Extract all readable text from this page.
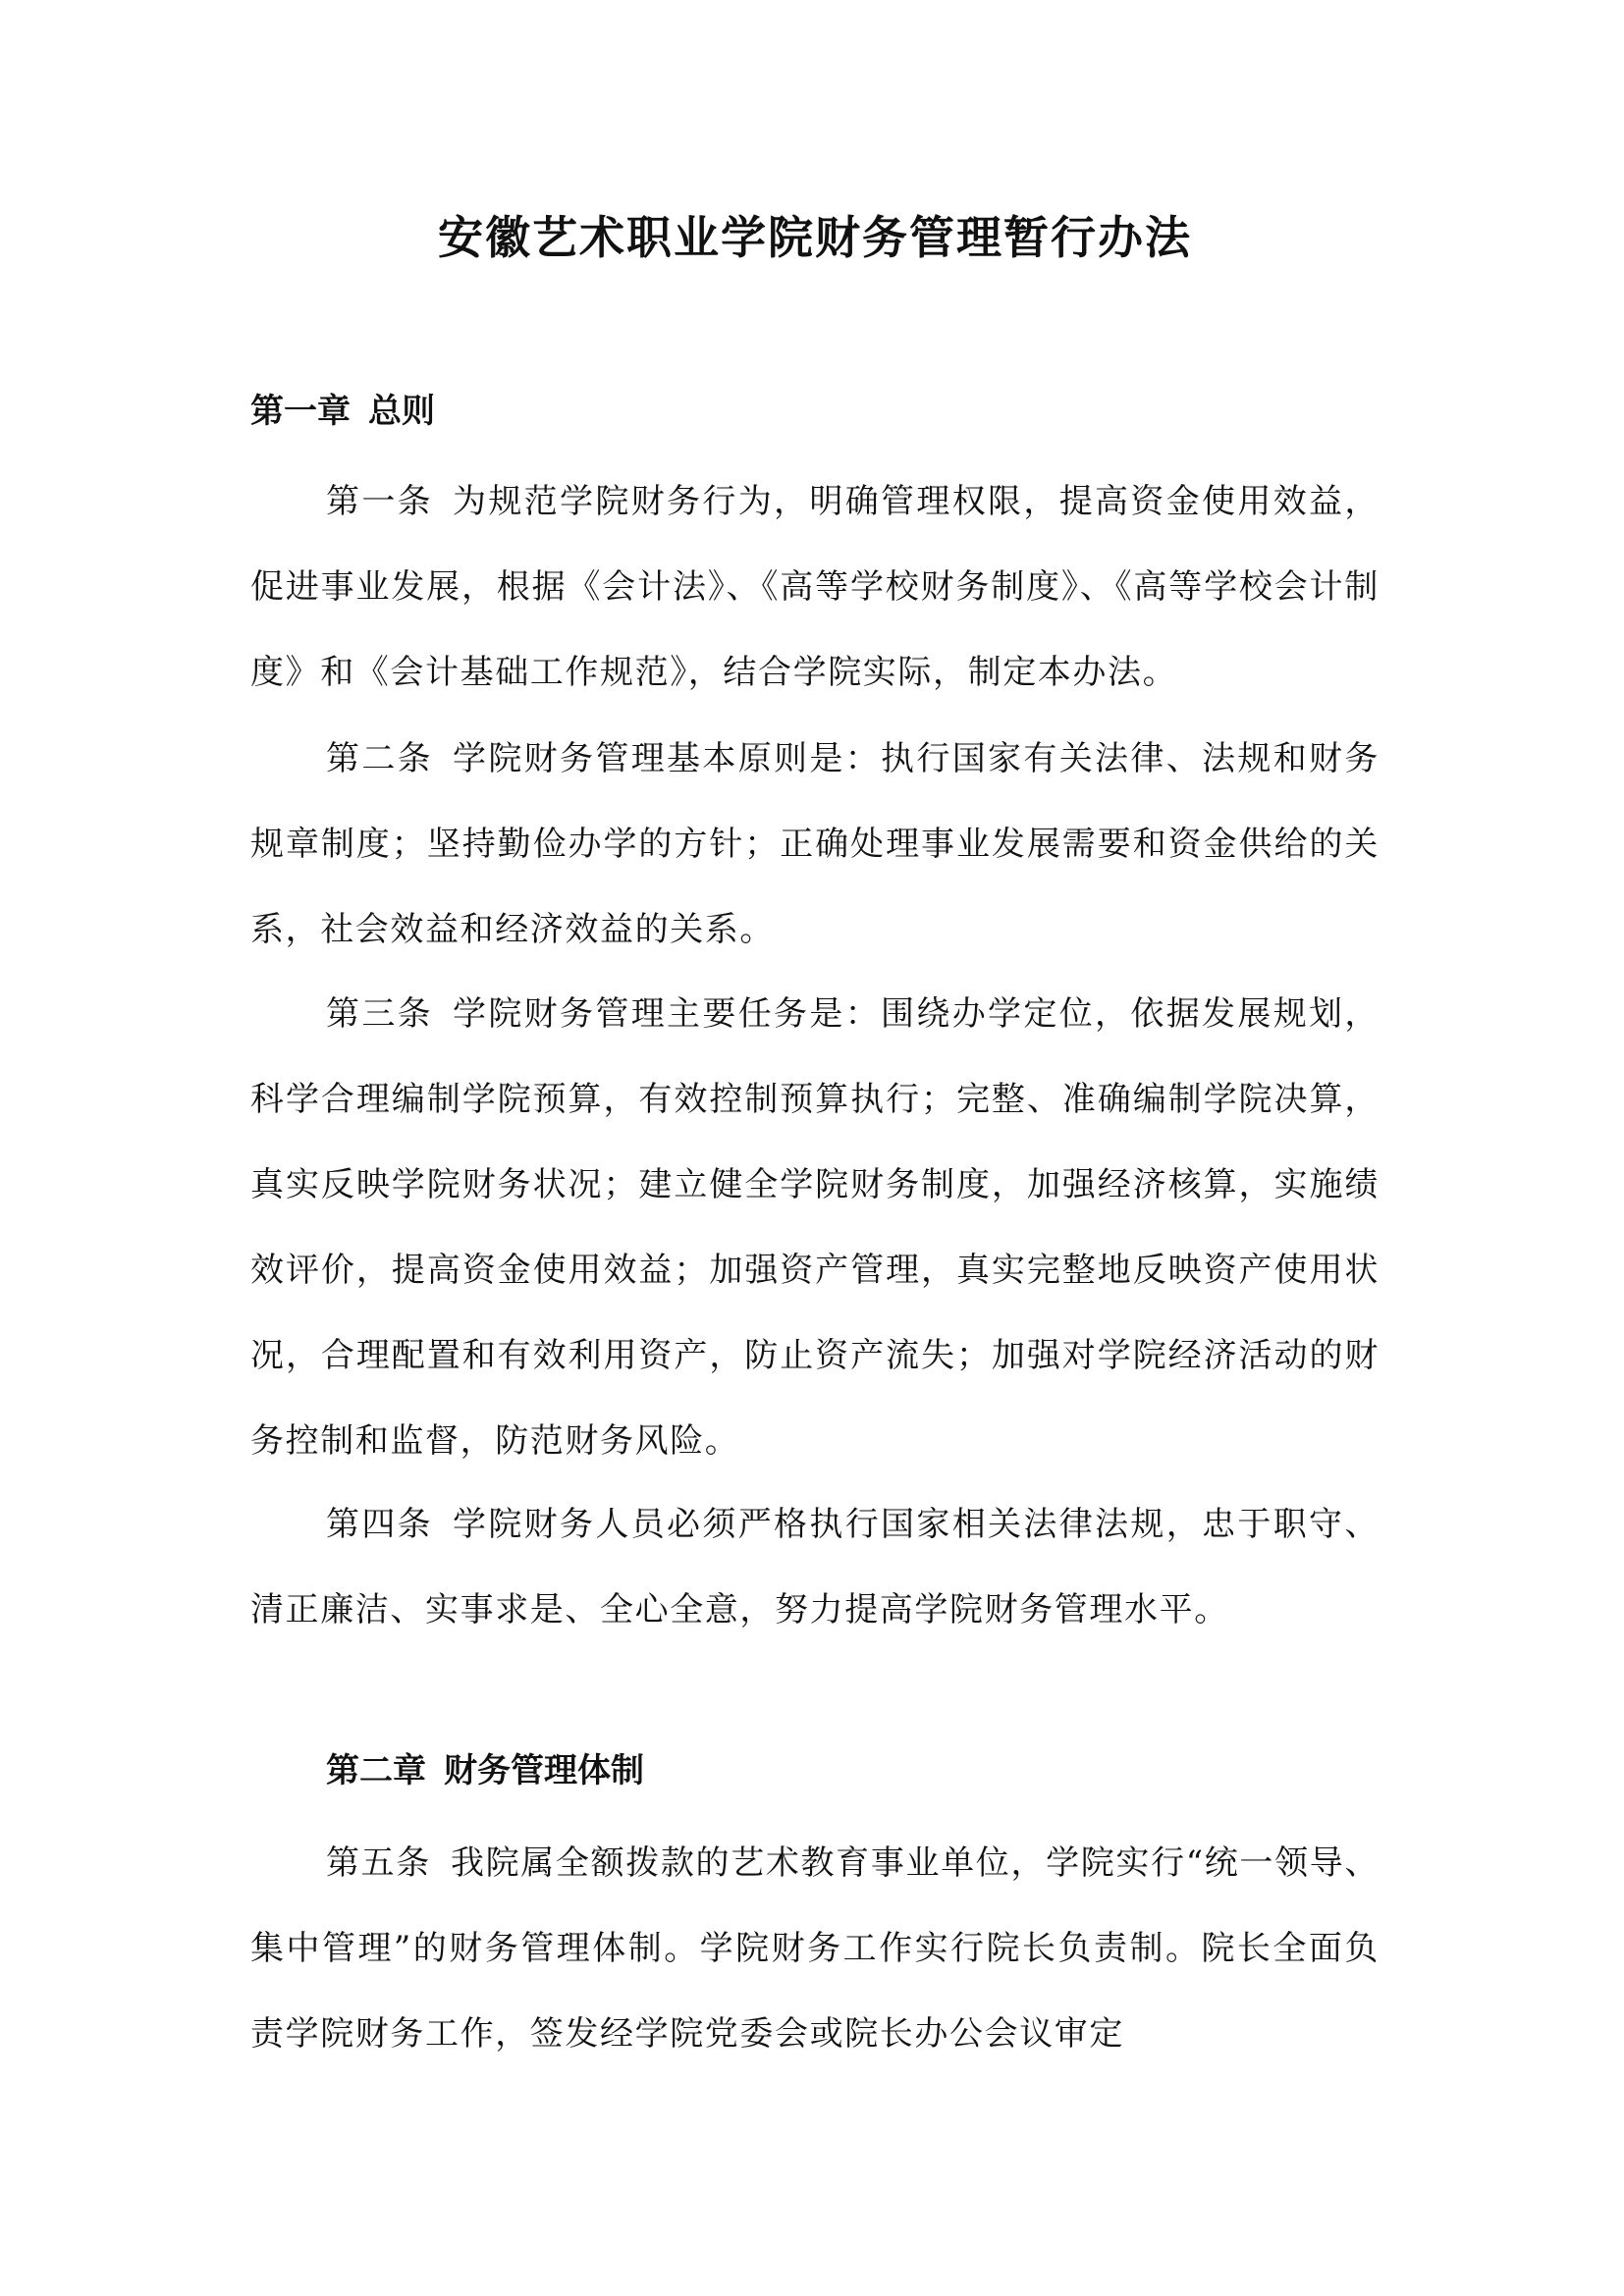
安徽艺术职业学院财务管理暂行办法
第一章 总则

第一条 为规范学院财务行为，明确管理权限，提高资金使用效益，促进事业发展，根据《会计法》、《高等学校财务制度》、《高等学校会计制度》和《会计基础工作规范》，结合学院实际，制定本办法。

第二条 学院财务管理基本原则是：执行国家有关法律、法规和财务规章制度；坚持勤俭办学的方针；正确处理事业发展需要和资金供给的关系，社会效益和经济效益的关系。

第三条 学院财务管理主要任务是：围绕办学定位，依据发展规划，科学合理编制学院预算，有效控制预算执行；完整、准确编制学院决算，真实反映学院财务状况；建立健全学院财务制度，加强经济核算，实施绩效评价，提高资金使用效益；加强资产管理，真实完整地反映资产使用状况，合理配置和有效利用资产，防止资产流失；加强对学院经济活动的财务控制和监督，防范财务风险。

第四条 学院财务人员必须严格执行国家相关法律法规，忠于职守、清正廉洁、实事求是、全心全意，努力提高学院财务管理水平。

第二章 财务管理体制

第五条 我院属全额拨款的艺术教育事业单位，学院实行“统一领导、集中管理”的财务管理体制。学院财务工作实行院长负责制。院长全面负责学院财务工作，签发经学院党委会或院长办公会议审定
